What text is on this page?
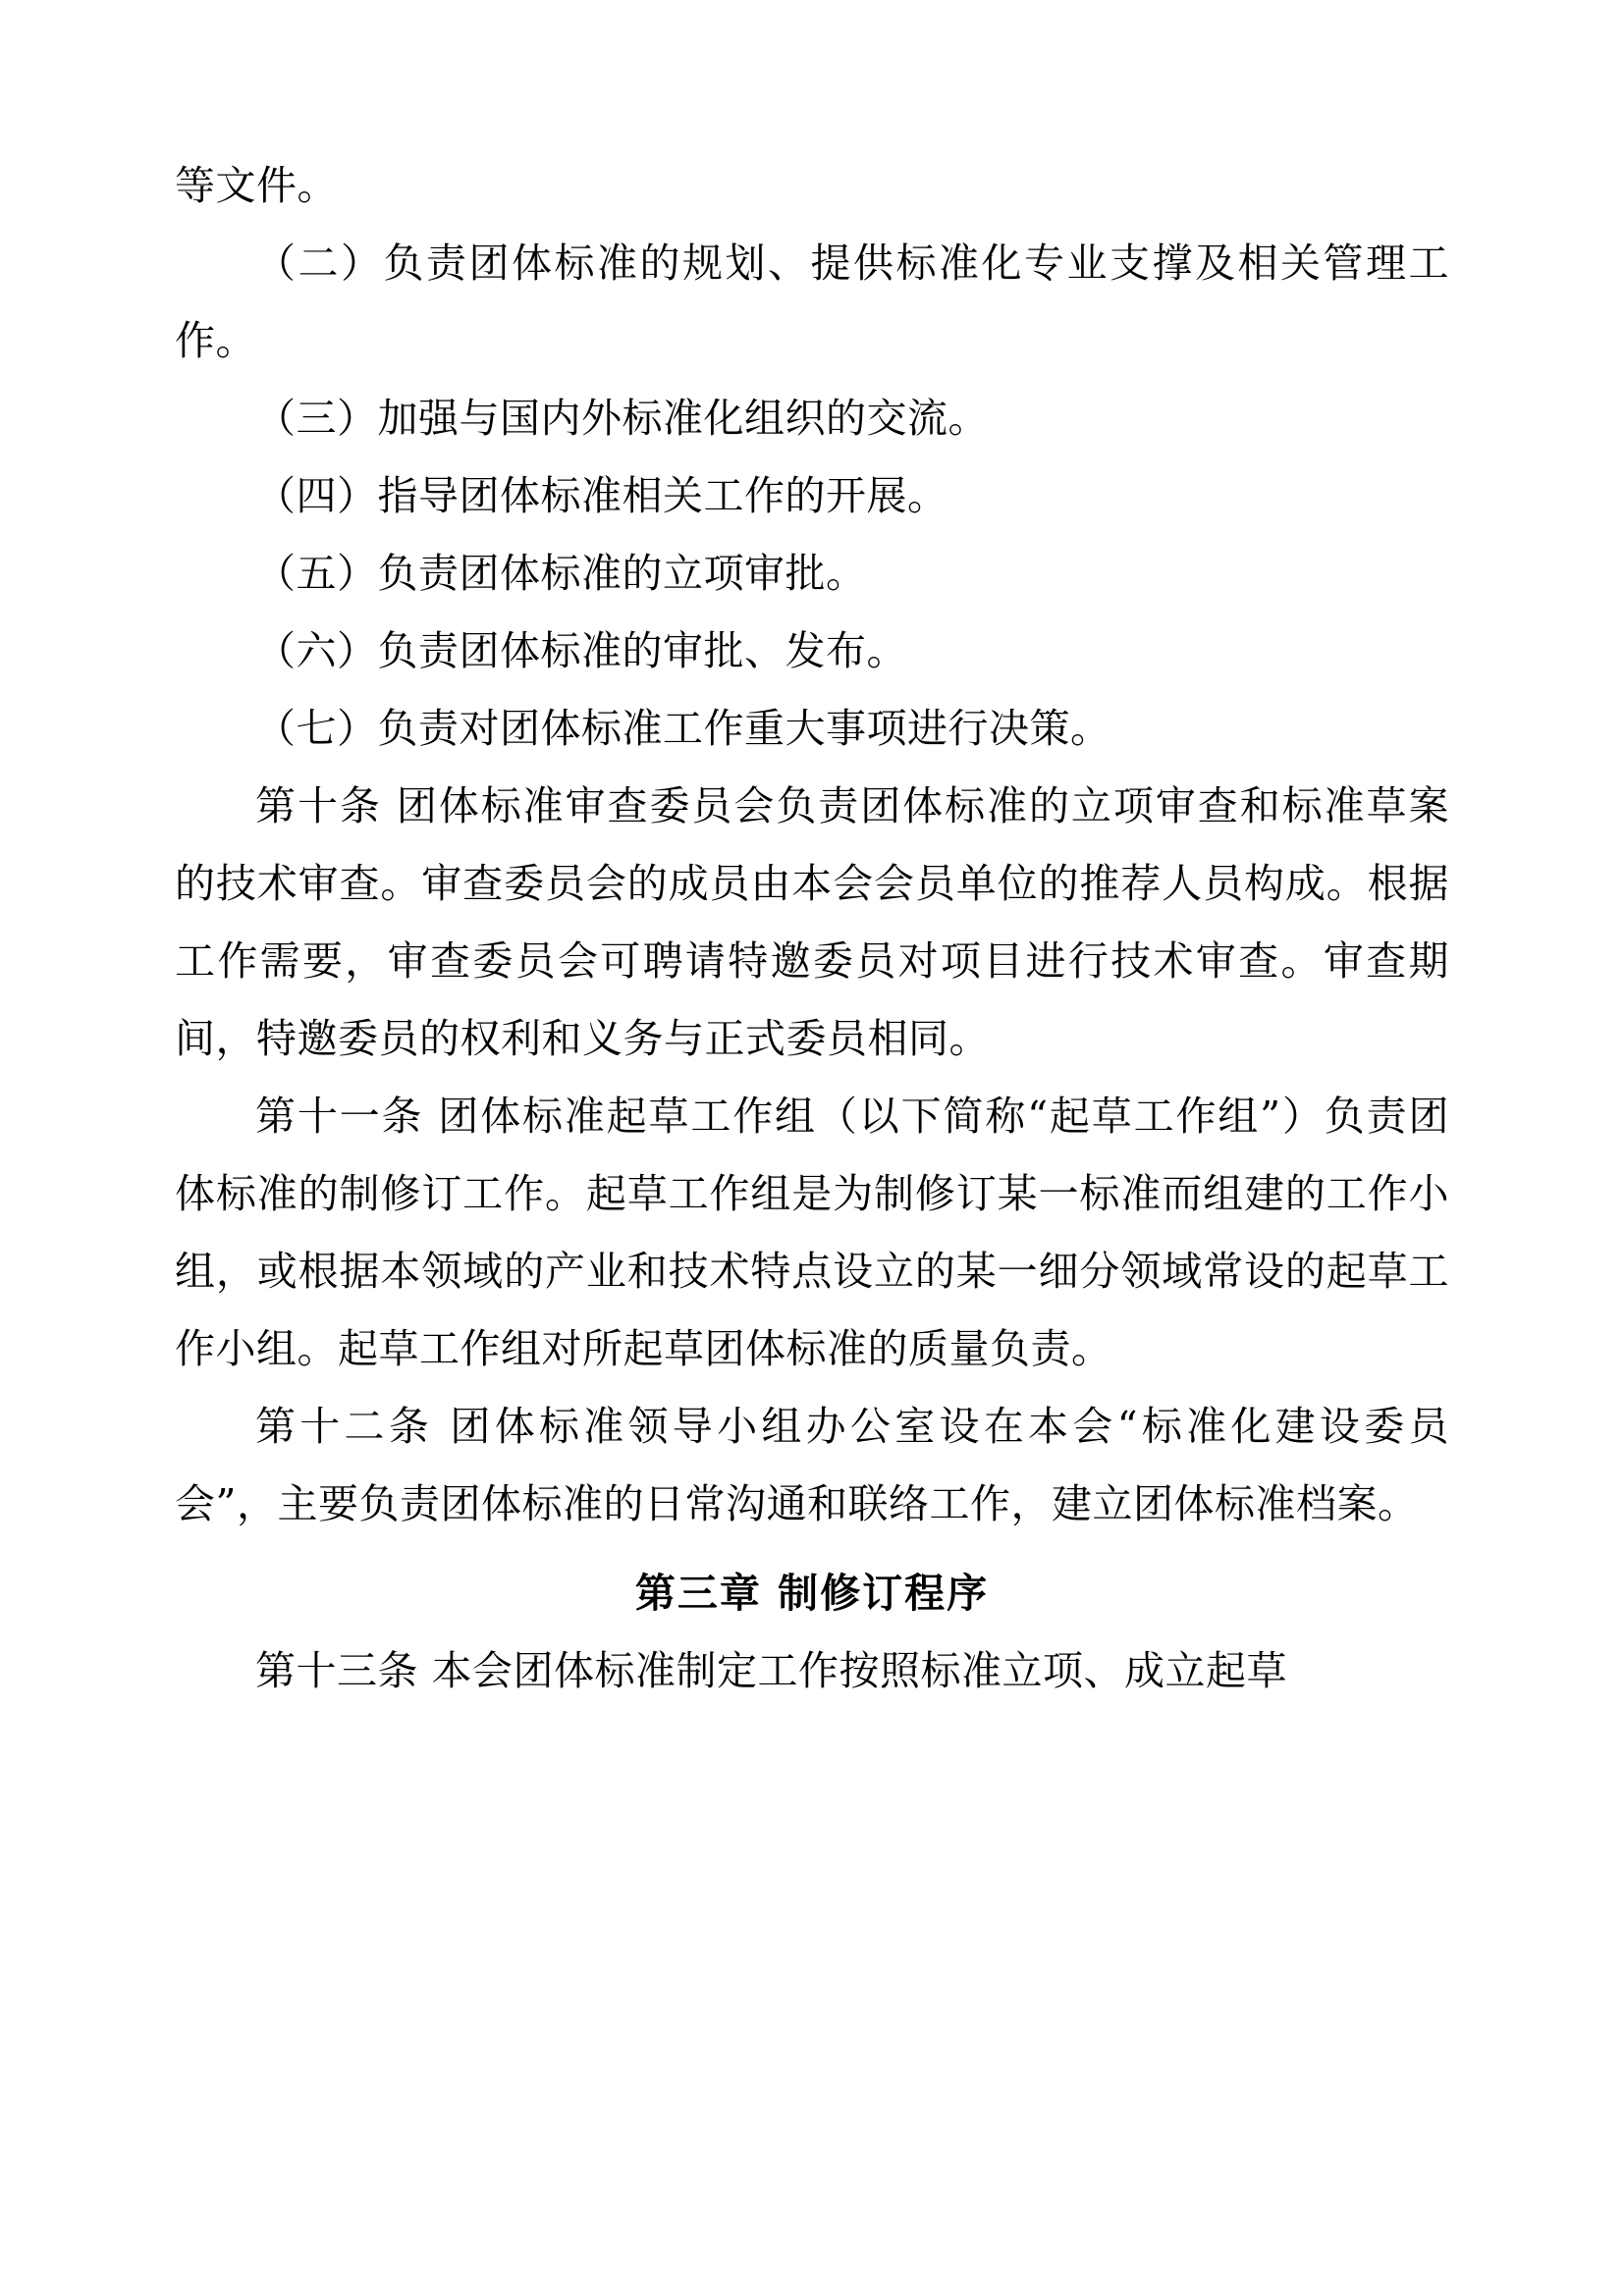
等文件。

（二）负责团体标准的规划、提供标准化专业支撑及相关管理工作。

（三）加强与国内外标准化组织的交流。

（四）指导团体标准相关工作的开展。

（五）负责团体标准的立项审批。

（六）负责团体标准的审批、发布。

（七）负责对团体标准工作重大事项进行决策。

第十条 团体标准审查委员会负责团体标准的立项审查和标准草案的技术审查。审查委员会的成员由本会会员单位的推荐人员构成。根据工作需要，审查委员会可聘请特邀委员对项目进行技术审查。审查期间，特邀委员的权利和义务与正式委员相同。

第十一条 团体标准起草工作组（以下简称“起草工作组”）负责团体标准的制修订工作。起草工作组是为制修订某一标准而组建的工作小组，或根据本领域的产业和技术特点设立的某一细分领域常设的起草工作小组。起草工作组对所起草团体标准的质量负责。

第十二条 团体标准领导小组办公室设在本会“标准化建设委员会”，主要负责团体标准的日常沟通和联络工作，建立团体标准档案。

第三章 制修订程序

第十三条 本会团体标准制定工作按照标准立项、成立起草
